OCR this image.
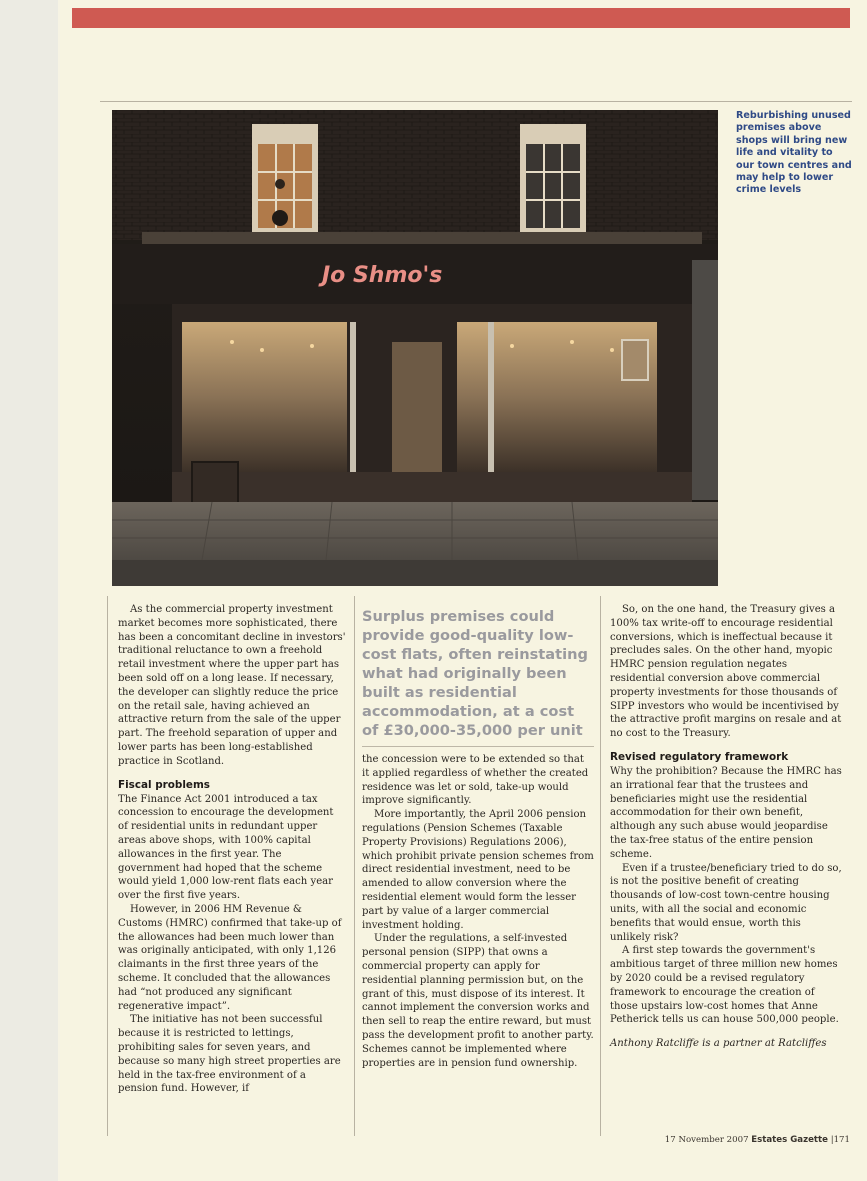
Jo Shmo's
Reburbishing unused premises above shops will bring new life and vitality to our town centres and may help to lower crime levels

As the commercial property investment market becomes more sophisticated, there has been a concomitant decline in investors' traditional reluctance to own a freehold retail investment where the upper part has been sold off on a long lease. If necessary, the developer can slightly reduce the price on the retail sale, having achieved an attractive return from the sale of the upper part. The freehold separation of upper and lower parts has been long-established practice in Scotland.

Fiscal problems

The Finance Act 2001 introduced a tax concession to encourage the development of residential units in redundant upper areas above shops, with 100% capital allowances in the first year. The government had hoped that the scheme would yield 1,000 low-rent flats each year over the first five years.

However, in 2006 HM Revenue & Customs (HMRC) confirmed that take-up of the allowances had been much lower than was originally anticipated, with only 1,126 claimants in the first three years of the scheme. It concluded that the allowances had “not produced any significant regenerative impact”.

The initiative has not been successful because it is restricted to lettings, prohibiting sales for seven years, and because so many high street properties are held in the tax-free environment of a pension fund. However, if

Surplus premises could provide good-quality low-cost flats, often reinstating what had originally been built as residential accommodation, at a cost of £30,000-35,000 per unit

the concession were to be extended so that it applied regardless of whether the created residence was let or sold, take-up would improve significantly.

More importantly, the April 2006 pension regulations (Pension Schemes (Taxable Property Provisions) Regulations 2006), which prohibit private pension schemes from direct residential investment, need to be amended to allow conversion where the residential element would form the lesser part by value of a larger commercial investment holding.

Under the regulations, a self-invested personal pension (SIPP) that owns a commercial property can apply for residential planning permission but, on the grant of this, must dispose of its interest. It cannot implement the conversion works and then sell to reap the entire reward, but must pass the development profit to another party. Schemes cannot be implemented where properties are in pension fund ownership.

So, on the one hand, the Treasury gives a 100% tax write-off to encourage residential conversions, which is ineffectual because it precludes sales. On the other hand, myopic HMRC pension regulation negates residential conversion above commercial property investments for those thousands of SIPP investors who would be incentivised by the attractive profit margins on resale and at no cost to the Treasury.

Revised regulatory framework

Why the prohibition? Because the HMRC has an irrational fear that the trustees and beneficiaries might use the residential accommodation for their own benefit, although any such abuse would jeopardise the tax-free status of the entire pension scheme.

Even if a trustee/beneficiary tried to do so, is not the positive benefit of creating thousands of low-cost town-centre housing units, with all the social and economic benefits that would ensue, worth this unlikely risk?

A first step towards the government's ambitious target of three million new homes by 2020 could be a revised regulatory framework to encourage the creation of those upstairs low-cost homes that Anne Petherick tells us can house 500,000 people.

Anthony Ratcliffe is a partner at Ratcliffes

17 November 2007 Estates Gazette |171
